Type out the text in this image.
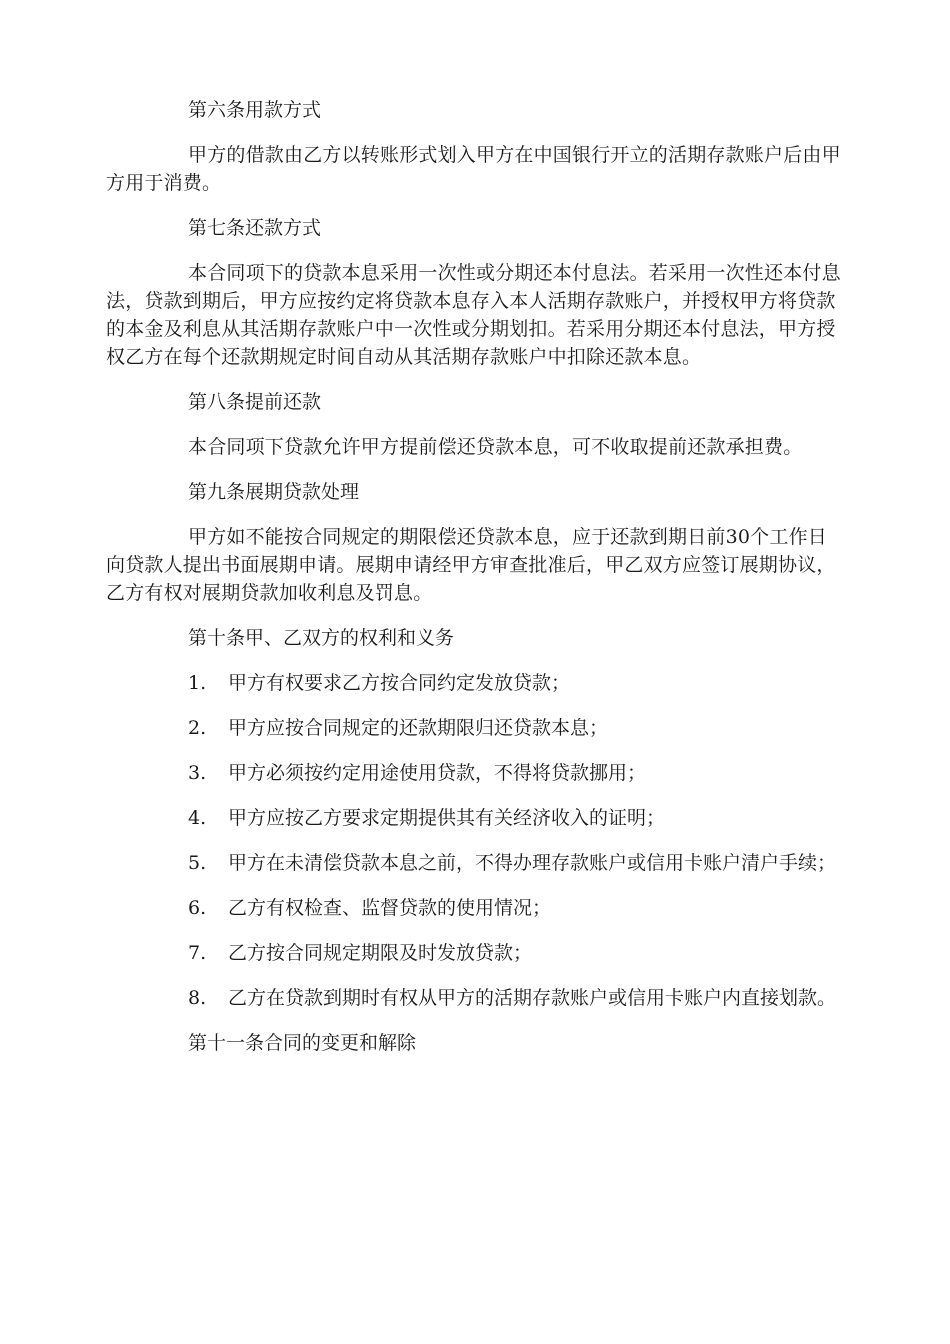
第六条用款方式

甲方的借款由乙方以转账形式划入甲方在中国银行开立的活期存款账户后由甲方用于消费。

第七条还款方式

本合同项下的贷款本息采用一次性或分期还本付息法。若采用一次性还本付息法，贷款到期后，甲方应按约定将贷款本息存入本人活期存款账户，并授权甲方将贷款的本金及利息从其活期存款账户中一次性或分期划扣。若采用分期还本付息法，甲方授权乙方在每个还款期规定时间自动从其活期存款账户中扣除还款本息。

第八条提前还款

本合同项下贷款允许甲方提前偿还贷款本息，可不收取提前还款承担费。

第九条展期贷款处理

甲方如不能按合同规定的期限偿还贷款本息，应于还款到期日前30个工作日向贷款人提出书面展期申请。展期申请经甲方审查批准后，甲乙双方应签订展期协议，乙方有权对展期贷款加收利息及罚息。

第十条甲、乙双方的权利和义务

1. 甲方有权要求乙方按合同约定发放贷款；

2. 甲方应按合同规定的还款期限归还贷款本息；

3. 甲方必须按约定用途使用贷款，不得将贷款挪用；

4. 甲方应按乙方要求定期提供其有关经济收入的证明；

5. 甲方在未清偿贷款本息之前，不得办理存款账户或信用卡账户清户手续；

6. 乙方有权检查、监督贷款的使用情况；

7. 乙方按合同规定期限及时发放贷款；

8. 乙方在贷款到期时有权从甲方的活期存款账户或信用卡账户内直接划款。

第十一条合同的变更和解除
